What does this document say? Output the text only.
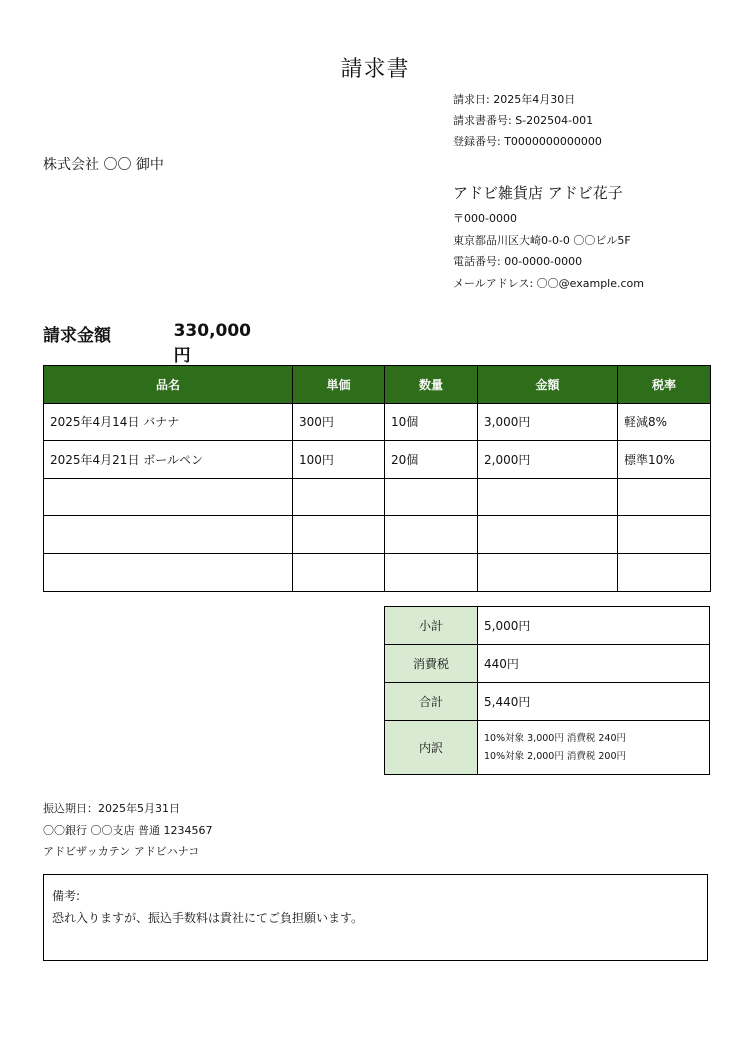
請求書
請求日: 2025年4月30日
請求書番号: S-202504-001
登録番号: T0000000000000
株式会社 〇〇 御中
アドビ雑貨店 アドビ花子
〒000-0000
東京都品川区大崎0-0-0 〇〇ビル5F
電話番号: 00-0000-0000
メールアドレス: 〇〇@example.com
請求金額	330,000円
品名	単価	数量	金額	税率
2025年4月14日 バナナ	300円	10個	3,000円	軽減8%
2025年4月21日 ボールペン	100円	20個	2,000円	標準10%

小計	5,000円
消費税	440円
合計	5,440円
内訳	10%対象 3,000円 消費税 240円
10%対象 2,000円 消費税 200円
振込期日：2025年5月31日
〇〇銀行 〇〇支店 普通 1234567
アドビザッカテン アドビハナコ
備考:
恐れ入りますが、振込手数料は貴社にてご負担願います。
